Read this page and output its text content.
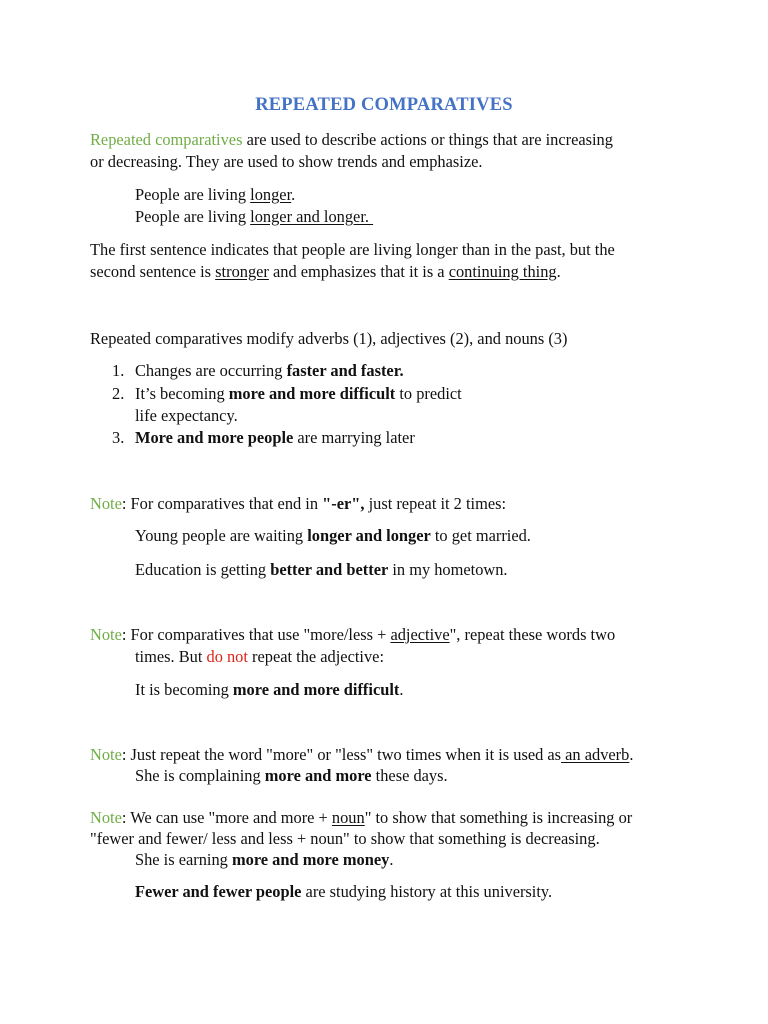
REPEATED COMPARATIVES
Repeated comparatives are used to describe actions or things that are increasing
or decreasing. They are used to show trends and emphasize.
People are living longer.
People are living longer and longer.
The first sentence indicates that people are living longer than in the past, but the
second sentence is stronger and emphasizes that it is a continuing thing.
Repeated comparatives modify adverbs (1), adjectives (2), and nouns (3)
1. Changes are occurring faster and faster.
2. It’s becoming more and more difficult to predict
life expectancy.
3. More and more people are marrying later
Note: For comparatives that end in "-er", just repeat it 2 times:
Young people are waiting longer and longer to get married.
Education is getting better and better in my hometown.
Note: For comparatives that use "more/less + adjective", repeat these words two
times. But do not repeat the adjective:
It is becoming more and more difficult.
Note: Just repeat the word "more" or "less" two times when it is used as an adverb.
She is complaining more and more these days.
Note: We can use "more and more + noun" to show that something is increasing or
"fewer and fewer/ less and less + noun" to show that something is decreasing.
She is earning more and more money.
Fewer and fewer people are studying history at this university.
